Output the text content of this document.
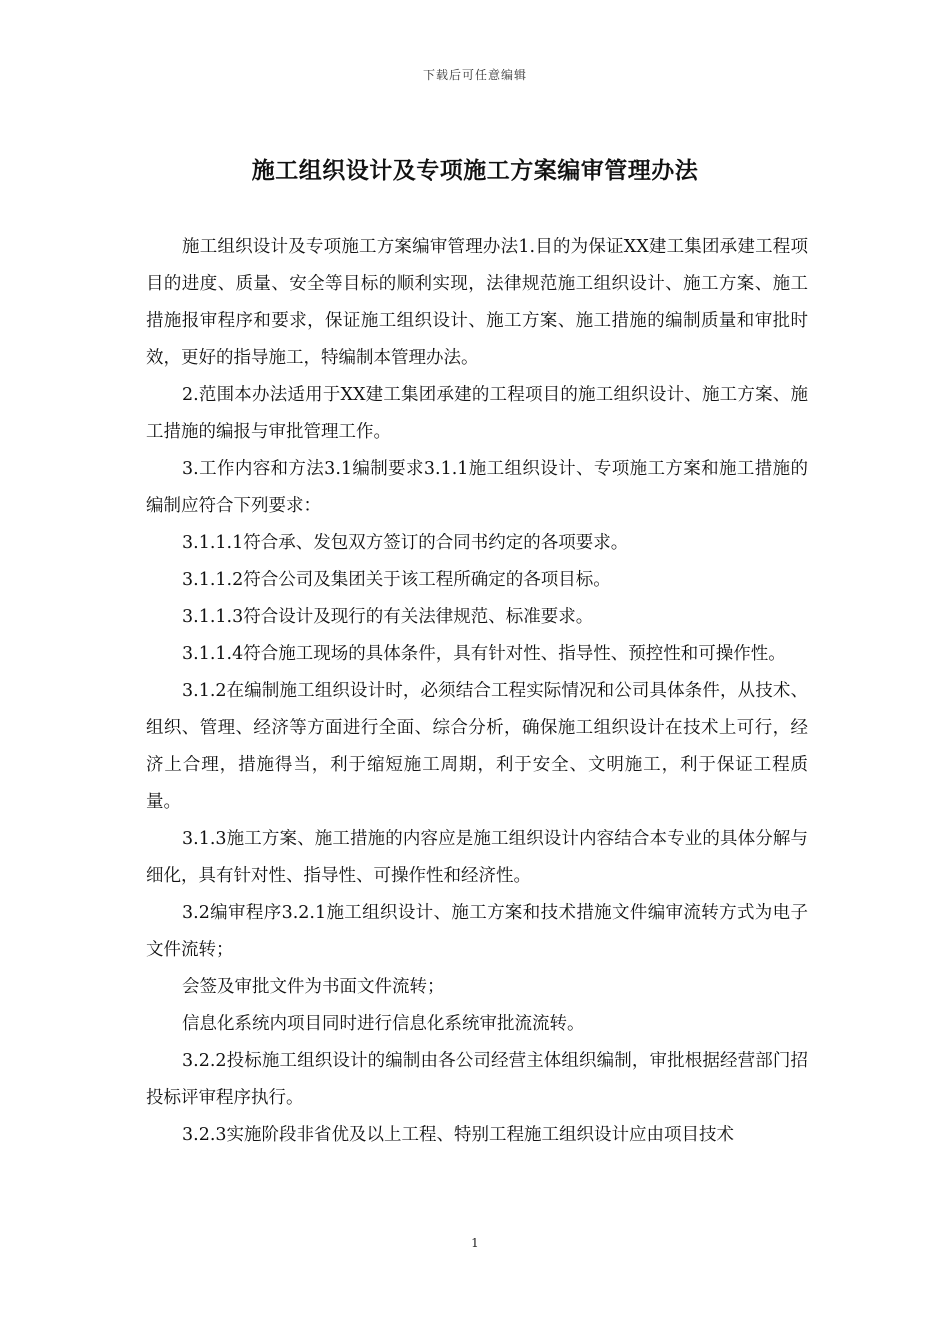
下载后可任意编辑
施工组织设计及专项施工方案编审管理办法

施工组织设计及专项施工方案编审管理办法1.目的为保证XX建工集团承建工程项目的进度、质量、安全等目标的顺利实现，法律规范施工组织设计、施工方案、施工措施报审程序和要求，保证施工组织设计、施工方案、施工措施的编制质量和审批时效，更好的指导施工，特编制本管理办法。

2.范围本办法适用于XX建工集团承建的工程项目的施工组织设计、施工方案、施工措施的编报与审批管理工作。

3.工作内容和方法3.1编制要求3.1.1施工组织设计、专项施工方案和施工措施的编制应符合下列要求：

3.1.1.1符合承、发包双方签订的合同书约定的各项要求。

3.1.1.2符合公司及集团关于该工程所确定的各项目标。

3.1.1.3符合设计及现行的有关法律规范、标准要求。

3.1.1.4符合施工现场的具体条件，具有针对性、指导性、预控性和可操作性。

3.1.2在编制施工组织设计时，必须结合工程实际情况和公司具体条件，从技术、组织、管理、经济等方面进行全面、综合分析，确保施工组织设计在技术上可行，经济上合理，措施得当，利于缩短施工周期，利于安全、文明施工，利于保证工程质量。

3.1.3施工方案、施工措施的内容应是施工组织设计内容结合本专业的具体分解与细化，具有针对性、指导性、可操作性和经济性。

3.2编审程序3.2.1施工组织设计、施工方案和技术措施文件编审流转方式为电子文件流转；

会签及审批文件为书面文件流转；

信息化系统内项目同时进行信息化系统审批流流转。

3.2.2投标施工组织设计的编制由各公司经营主体组织编制，审批根据经营部门招投标评审程序执行。

3.2.3实施阶段非省优及以上工程、特别工程施工组织设计应由项目技术

1
